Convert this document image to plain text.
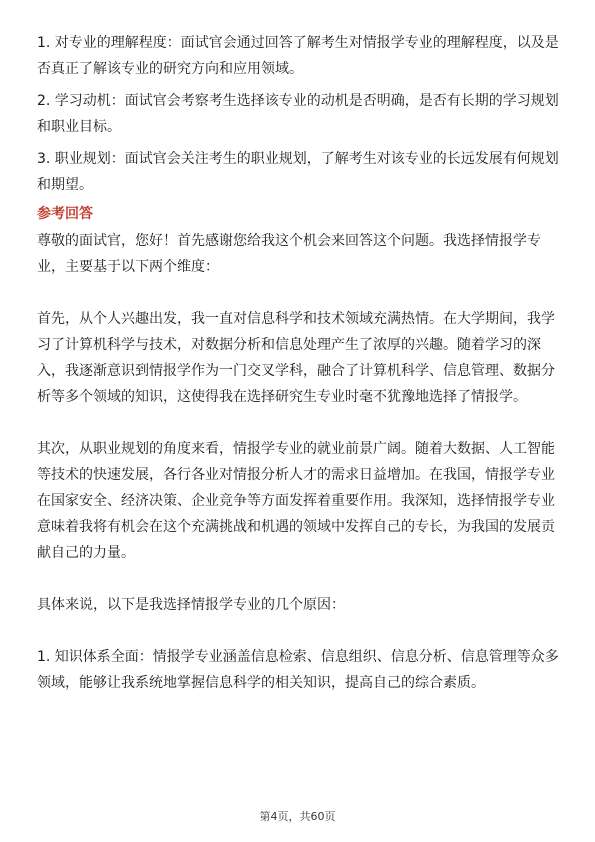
1. 对专业的理解程度：面试官会通过回答了解考生对情报学专业的理解程度，以及是否真正了解该专业的研究方向和应用领域。

2. 学习动机：面试官会考察考生选择该专业的动机是否明确，是否有长期的学习规划和职业目标。

3. 职业规划：面试官会关注考生的职业规划，了解考生对该专业的长远发展有何规划和期望。

参考回答

尊敬的面试官，您好！首先感谢您给我这个机会来回答这个问题。我选择情报学专业，主要基于以下两个维度：

首先，从个人兴趣出发，我一直对信息科学和技术领域充满热情。在大学期间，我学习了计算机科学与技术，对数据分析和信息处理产生了浓厚的兴趣。随着学习的深入，我逐渐意识到情报学作为一门交叉学科，融合了计算机科学、信息管理、数据分析等多个领域的知识，这使得我在选择研究生专业时毫不犹豫地选择了情报学。

其次，从职业规划的角度来看，情报学专业的就业前景广阔。随着大数据、人工智能等技术的快速发展，各行各业对情报分析人才的需求日益增加。在我国，情报学专业在国家安全、经济决策、企业竞争等方面发挥着重要作用。我深知，选择情报学专业意味着我将有机会在这个充满挑战和机遇的领域中发挥自己的专长，为我国的发展贡献自己的力量。

具体来说，以下是我选择情报学专业的几个原因：

1. 知识体系全面：情报学专业涵盖信息检索、信息组织、信息分析、信息管理等众多领域，能够让我系统地掌握信息科学的相关知识，提高自己的综合素质。

第4页，共60页
